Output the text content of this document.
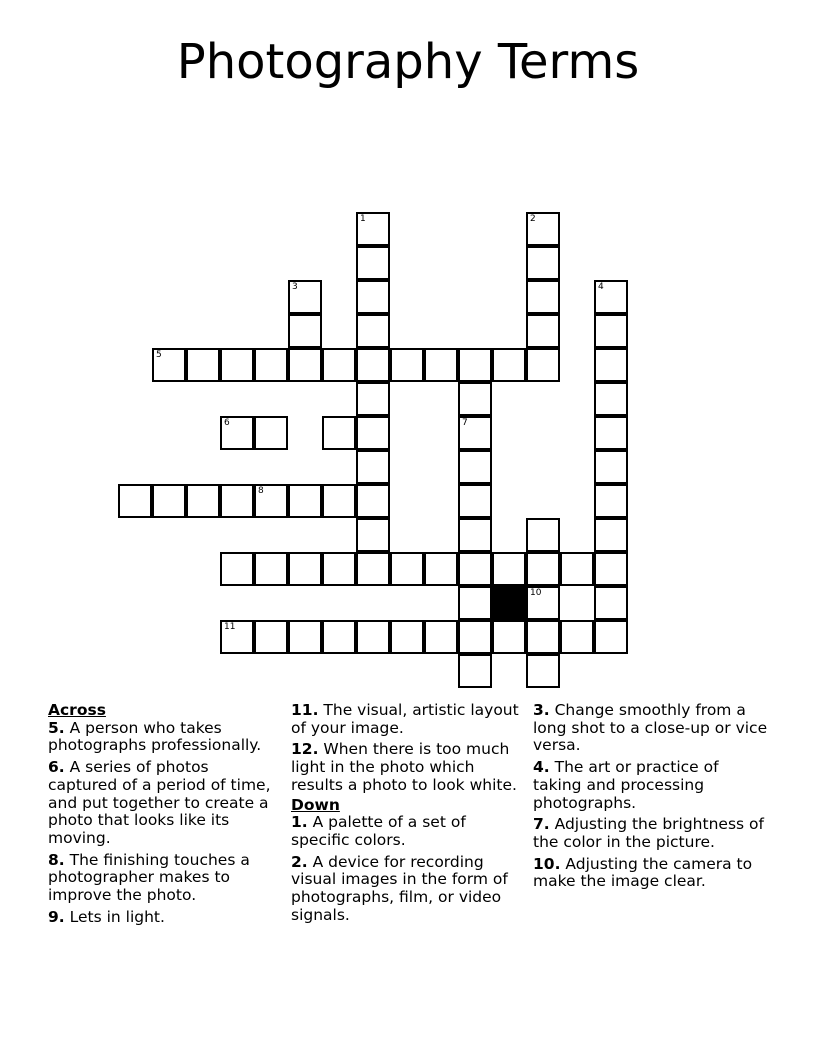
Photography Terms
1	2
3	4
5
6
8
7
10
11
Across
5. A person who takes photographs professionally.
6. A series of photos captured of a period of time, and put together to create a photo that looks like its moving.
8. The finishing touches a photographer makes to improve the photo.
9. Lets in light.
11. The visual, artistic layout of your image.
12. When there is too much light in the photo which results a photo to look white.
Down
1. A palette of a set of specific colors.
2. A device for recording visual images in the form of photographs, film, or video signals.
3. Change smoothly from a long shot to a close-up or vice versa.
4. The art or practice of taking and processing photographs.
7. Adjusting the brightness of the color in the picture.
10. Adjusting the camera to make the image clear.
